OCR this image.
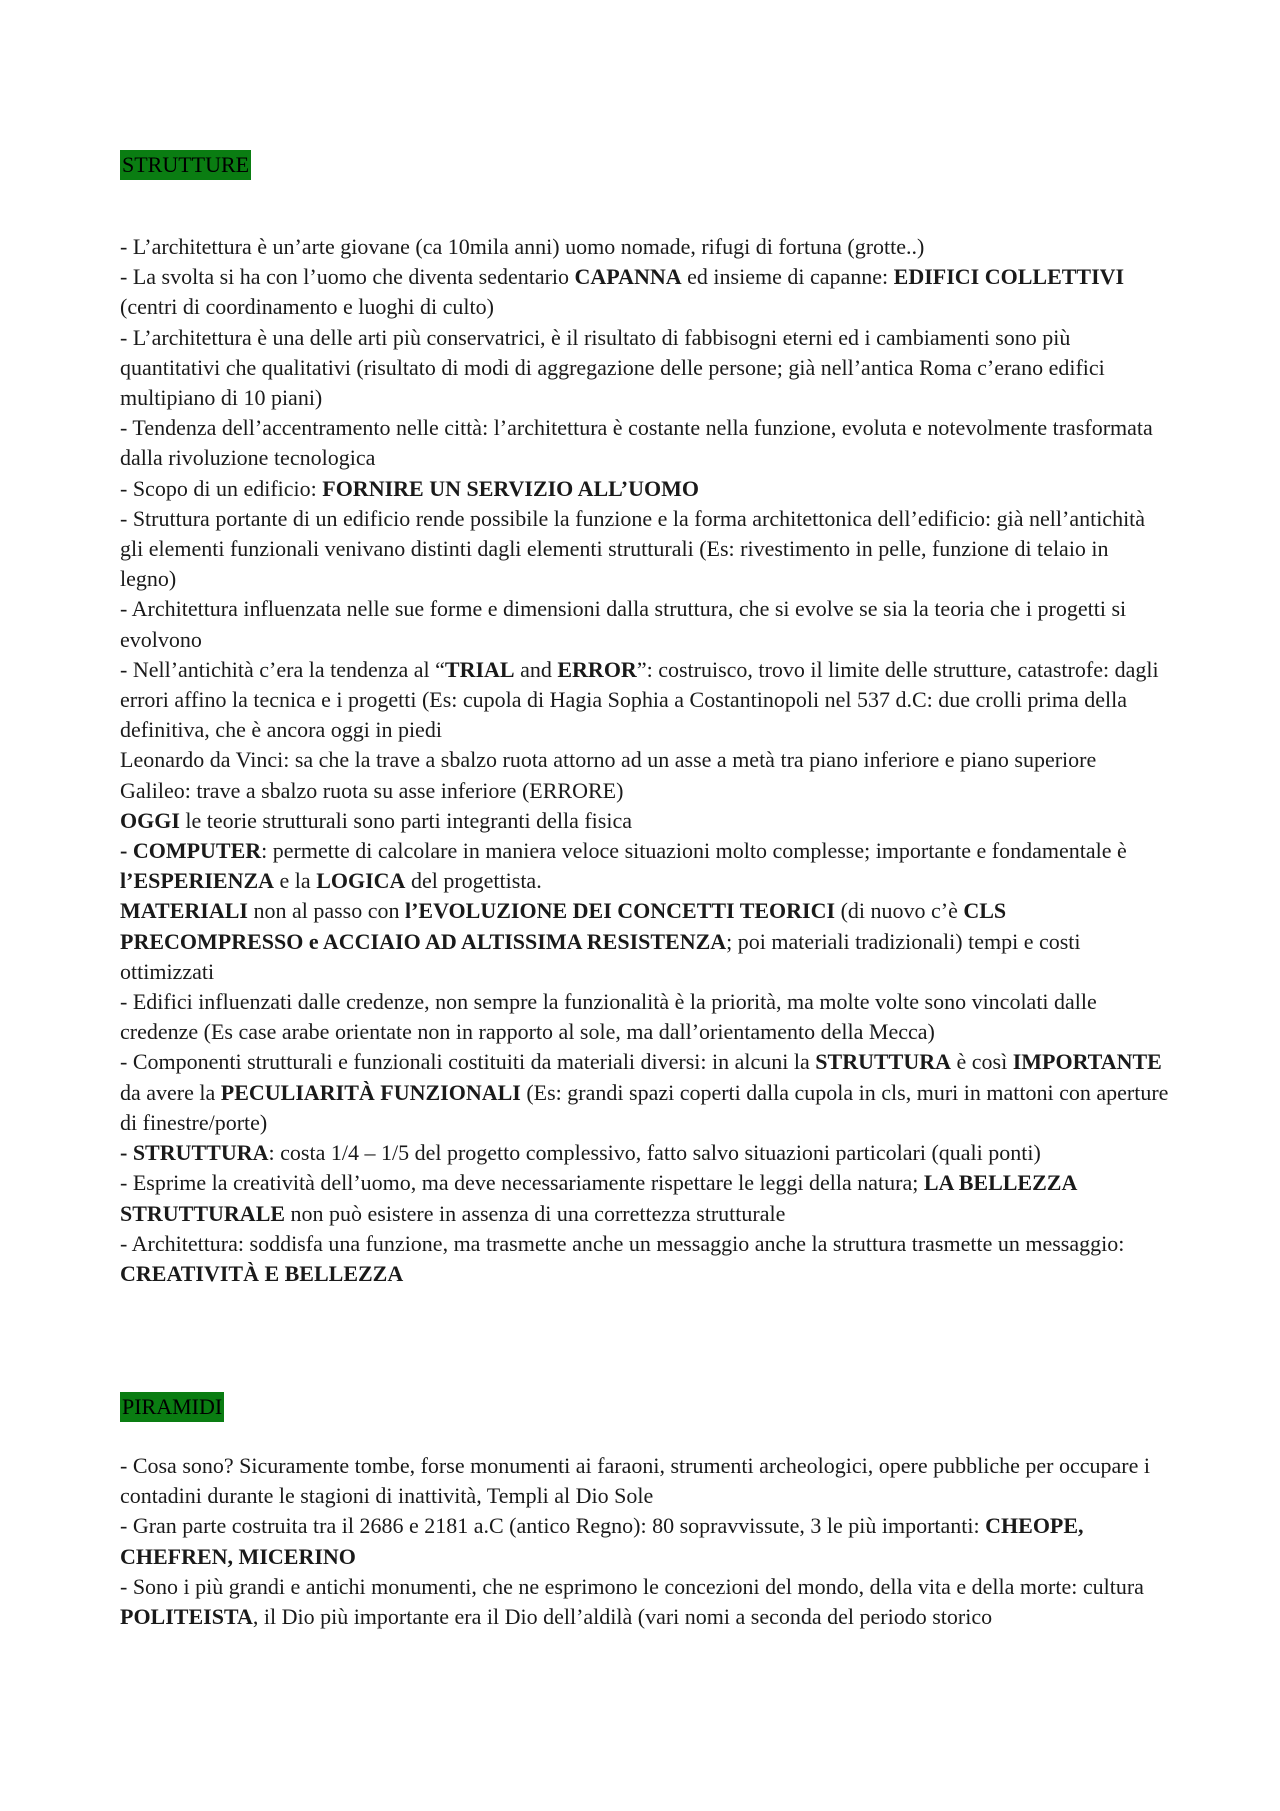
STRUTTURE

- L’architettura è un’arte giovane (ca 10mila anni) uomo nomade, rifugi di fortuna (grotte..)

- La svolta si ha con l’uomo che diventa sedentario CAPANNA ed insieme di capanne: EDIFICI COLLETTIVI (centri di coordinamento e luoghi di culto)

- L’architettura è una delle arti più conservatrici, è il risultato di fabbisogni eterni ed i cambiamenti sono più quantitativi che qualitativi (risultato di modi di aggregazione delle persone; già nell’antica Roma c’erano edifici multipiano di 10 piani)

- Tendenza dell’accentramento nelle città: l’architettura è costante nella funzione, evoluta e notevolmente trasformata dalla rivoluzione tecnologica

- Scopo di un edificio: FORNIRE UN SERVIZIO ALL’UOMO

- Struttura portante di un edificio rende possibile la funzione e la forma architettonica dell’edificio: già nell’antichità gli elementi funzionali venivano distinti dagli elementi strutturali (Es: rivestimento in pelle, funzione di telaio in legno)

- Architettura influenzata nelle sue forme e dimensioni dalla struttura, che si evolve se sia la teoria che i progetti si evolvono

- Nell’antichità c’era la tendenza al “TRIAL and ERROR”: costruisco, trovo il limite delle strutture, catastrofe: dagli errori affino la tecnica e i progetti (Es: cupola di Hagia Sophia a Costantinopoli nel 537 d.C: due crolli prima della definitiva, che è ancora oggi in piedi

Leonardo da Vinci: sa che la trave a sbalzo ruota attorno ad un asse a metà tra piano inferiore e piano superiore

Galileo: trave a sbalzo ruota su asse inferiore (ERRORE)

OGGI le teorie strutturali sono parti integranti della fisica

- COMPUTER: permette di calcolare in maniera veloce situazioni molto complesse; importante e fondamentale è l’ESPERIENZA e la LOGICA del progettista.

MATERIALI non al passo con l’EVOLUZIONE DEI CONCETTI TEORICI (di nuovo c’è CLS PRECOMPRESSO e ACCIAIO AD ALTISSIMA RESISTENZA; poi materiali tradizionali) tempi e costi ottimizzati

- Edifici influenzati dalle credenze, non sempre la funzionalità è la priorità, ma molte volte sono vincolati dalle credenze (Es case arabe orientate non in rapporto al sole, ma dall’orientamento della Mecca)

- Componenti strutturali e funzionali costituiti da materiali diversi: in alcuni la STRUTTURA è così IMPORTANTE da avere la PECULIARITÀ FUNZIONALI (Es: grandi spazi coperti dalla cupola in cls, muri in mattoni con aperture di finestre/porte)

- STRUTTURA: costa 1/4 – 1/5 del progetto complessivo, fatto salvo situazioni particolari (quali ponti)

- Esprime la creatività dell’uomo, ma deve necessariamente rispettare le leggi della natura; LA BELLEZZA STRUTTURALE non può esistere in assenza di una correttezza strutturale

- Architettura: soddisfa una funzione, ma trasmette anche un messaggio anche la struttura trasmette un messaggio: CREATIVITÀ E BELLEZZA

PIRAMIDI

- Cosa sono? Sicuramente tombe, forse monumenti ai faraoni, strumenti archeologici, opere pubbliche per occupare i contadini durante le stagioni di inattività, Templi al Dio Sole

- Gran parte costruita tra il 2686 e 2181 a.C (antico Regno): 80 sopravvissute, 3 le più importanti: CHEOPE, CHEFREN, MICERINO

- Sono i più grandi e antichi monumenti, che ne esprimono le concezioni del mondo, della vita e della morte: cultura POLITEISTA, il Dio più importante era il Dio dell’aldilà (vari nomi a seconda del periodo storico
